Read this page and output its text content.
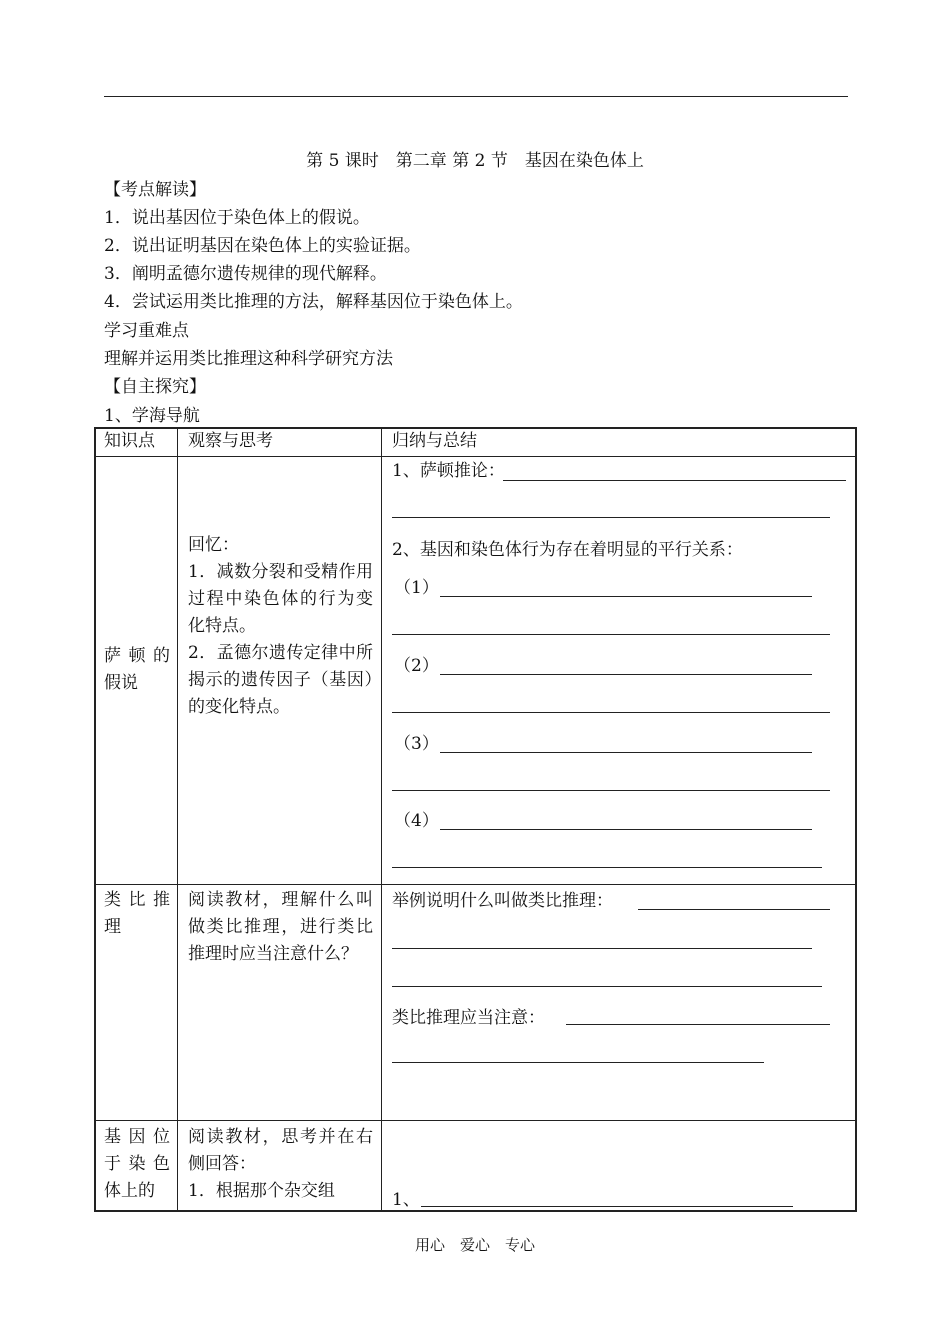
第 5 课时　第二章 第 2 节　基因在染色体上
【考点解读】
1．说出基因位于染色体上的假说。
2．说出证明基因在染色体上的实验证据。
3．阐明孟德尔遗传规律的现代解释。
4．尝试运用类比推理的方法，解释基因位于染色体上。
学习重难点
理解并运用类比推理这种科学研究方法
【自主探究】
1、学海导航
知识点 观察与思考	归纳与总结
萨顿的假说
回忆：
1．减数分裂和受精作用过程中染色体的行为变化特点。
2．孟德尔遗传定律中所揭示的遗传因子（基因）的变化特点。
1、萨顿推论：
2、基因和染色体行为存在着明显的平行关系：
（1）
（2）
（3）
（4）
类比推理
阅读教材，理解什么叫做类比推理，进行类比推理时应当注意什么？
举例说明什么叫做类比推理：
类比推理应当注意：
基因位于染色体上的
阅读教材，思考并在右侧回答：
1．根据那个杂交组	1、
用心　爱心　专心
